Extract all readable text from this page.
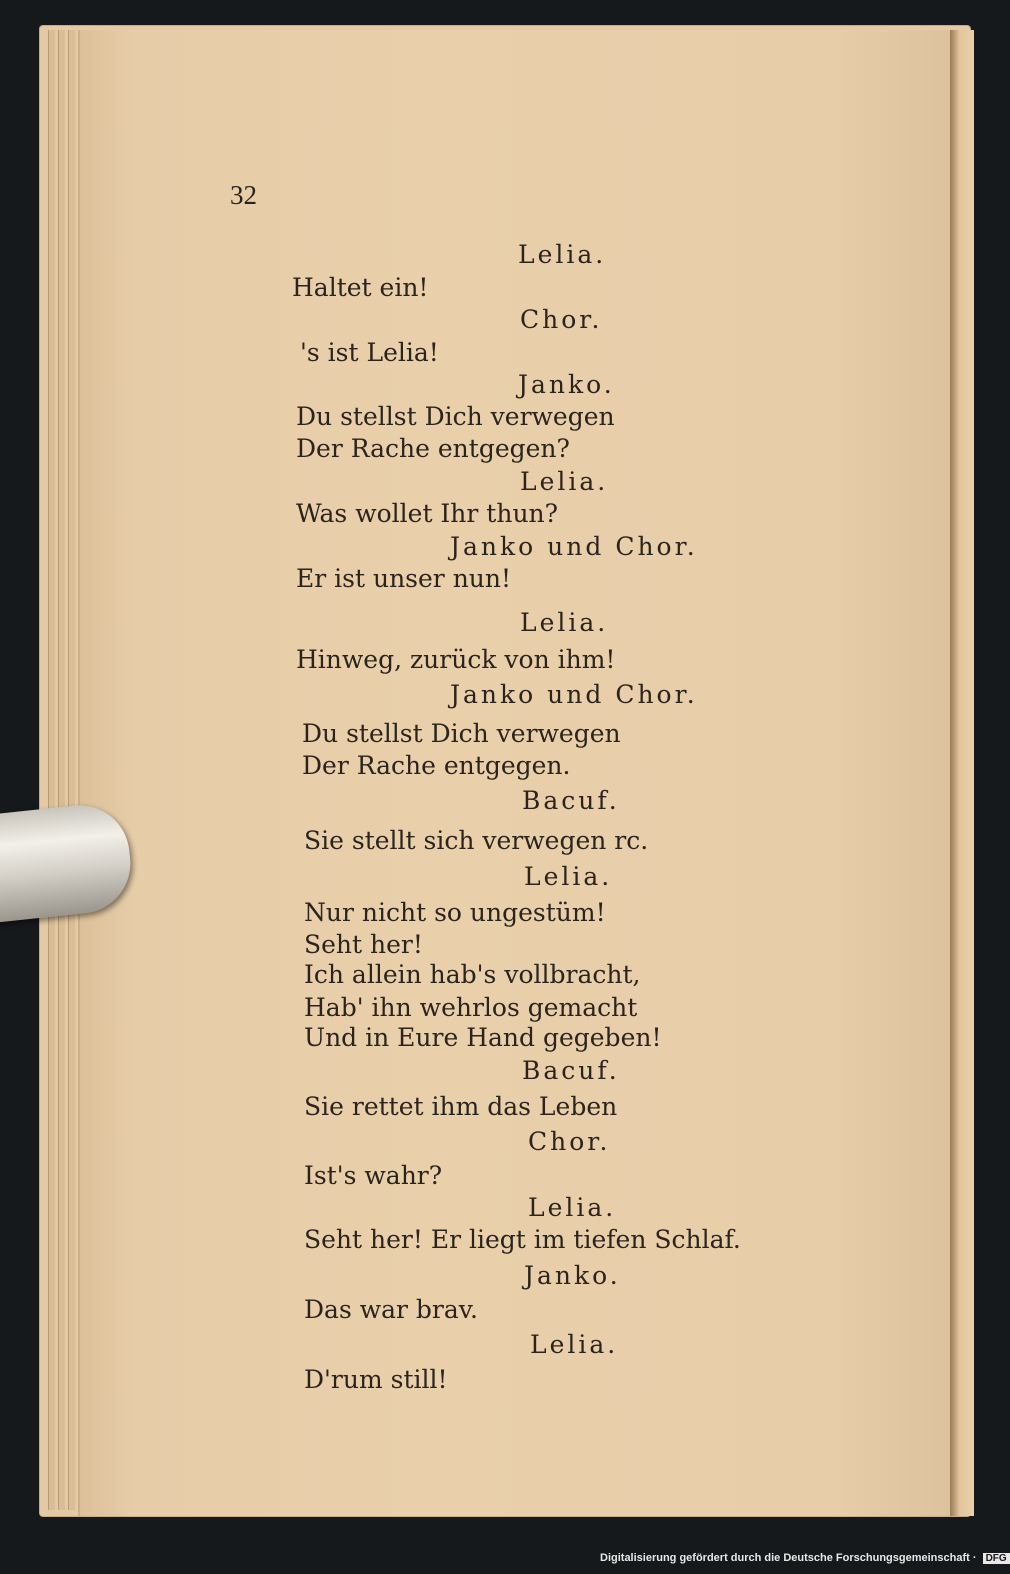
32
Lelia.
Haltet ein!
Chor.
's ist Lelia!
Janko.
Du stellst Dich verwegen
Der Rache entgegen?
Lelia.
Was wollet Ihr thun?
Janko und Chor.
Er ist unser nun!
Lelia.
Hinweg, zurück von ihm!
Janko und Chor.
Du stellst Dich verwegen
Der Rache entgegen.
Bacuf.
Sie stellt sich verwegen rc.
Lelia.
Nur nicht so ungestüm!
Seht her!
Ich allein hab's vollbracht,
Hab' ihn wehrlos gemacht
Und in Eure Hand gegeben!
Bacuf.
Sie rettet ihm das Leben
Chor.
Ist's wahr?
Lelia.
Seht her! Er liegt im tiefen Schlaf.
Janko.
Das war brav.
Lelia.
D'rum still!
Digitalisierung gefördert durch die Deutsche Forschungsgemeinschaft · DFG
